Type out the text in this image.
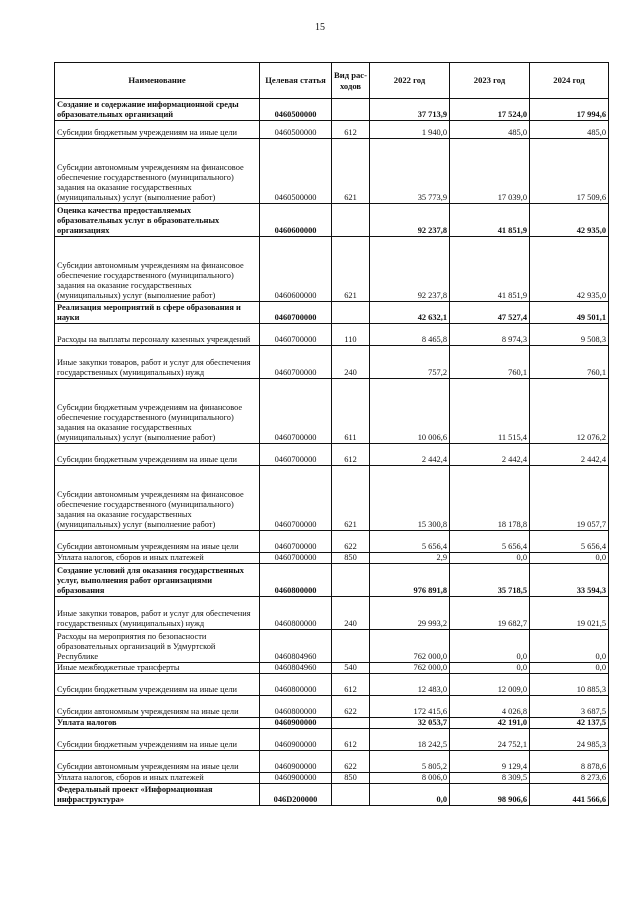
15
Наименование	Целевая статья	Вид рас-ходов	2022 год	2023 год	2024 год
Создание и содержание информационной среды образовательных организаций	0460500000		37 713,9	17 524,0	17 994,6
Субсидии бюджетным учреждениям на иные цели	0460500000	612	1 940,0	485,0	485,0
Субсидии автономным учреждениям на финансовое обеспечение государственного (муниципального) задания на оказание государственных (муниципальных) услуг (выполнение работ)	0460500000	621	35 773,9	17 039,0	17 509,6
Оценка качества предоставляемых образовательных услуг в образовательных организациях	0460600000		92 237,8	41 851,9	42 935,0
Субсидии автономным учреждениям на финансовое обеспечение государственного (муниципального) задания на оказание государственных (муниципальных) услуг (выполнение работ)	0460600000	621	92 237,8	41 851,9	42 935,0
Реализация мероприятий в сфере образования и науки	0460700000		42 632,1	47 527,4	49 501,1
Расходы на выплаты персоналу казенных учреждений	0460700000	110	8 465,8	8 974,3	9 508,3
Иные закупки товаров, работ и услуг для обеспечения государственных (муниципальных) нужд	0460700000	240	757,2	760,1	760,1
Субсидии бюджетным учреждениям на финансовое обеспечение государственного (муниципального) задания на оказание государственных (муниципальных) услуг (выполнение работ)	0460700000	611	10 006,6	11 515,4	12 076,2
Субсидии бюджетным учреждениям на иные цели	0460700000	612	2 442,4	2 442,4	2 442,4
Субсидии автономным учреждениям на финансовое обеспечение государственного (муниципального) задания на оказание государственных (муниципальных) услуг (выполнение работ)	0460700000	621	15 300,8	18 178,8	19 057,7
Субсидии автономным учреждениям на иные цели	0460700000	622	5 656,4	5 656,4	5 656,4
Уплата налогов, сборов и иных платежей	0460700000	850	2,9	0,0	0,0
Создание условий для оказания государственных услуг, выполнения работ организациями образования	0460800000		976 891,8	35 718,5	33 594,3
Иные закупки товаров, работ и услуг для обеспечения государственных (муниципальных) нужд	0460800000	240	29 993,2	19 682,7	19 021,5
Расходы на мероприятия по безопасности образовательных организаций в Удмуртской Республике	0460804960		762 000,0	0,0	0,0
Иные межбюджетные трансферты	0460804960	540	762 000,0	0,0	0,0
Субсидии бюджетным учреждениям на иные цели	0460800000	612	12 483,0	12 009,0	10 885,3
Субсидии автономным учреждениям на иные цели	0460800000	622	172 415,6	4 026,8	3 687,5
Уплата налогов	0460900000		32 053,7	42 191,0	42 137,5
Субсидии бюджетным учреждениям на иные цели	0460900000	612	18 242,5	24 752,1	24 985,3
Субсидии автономным учреждениям на иные цели	0460900000	622	5 805,2	9 129,4	8 878,6
Уплата налогов, сборов и иных платежей	0460900000	850	8 006,0	8 309,5	8 273,6
Федеральный проект «Информационная инфраструктура»	046D200000		0,0	98 906,6	441 566,6
